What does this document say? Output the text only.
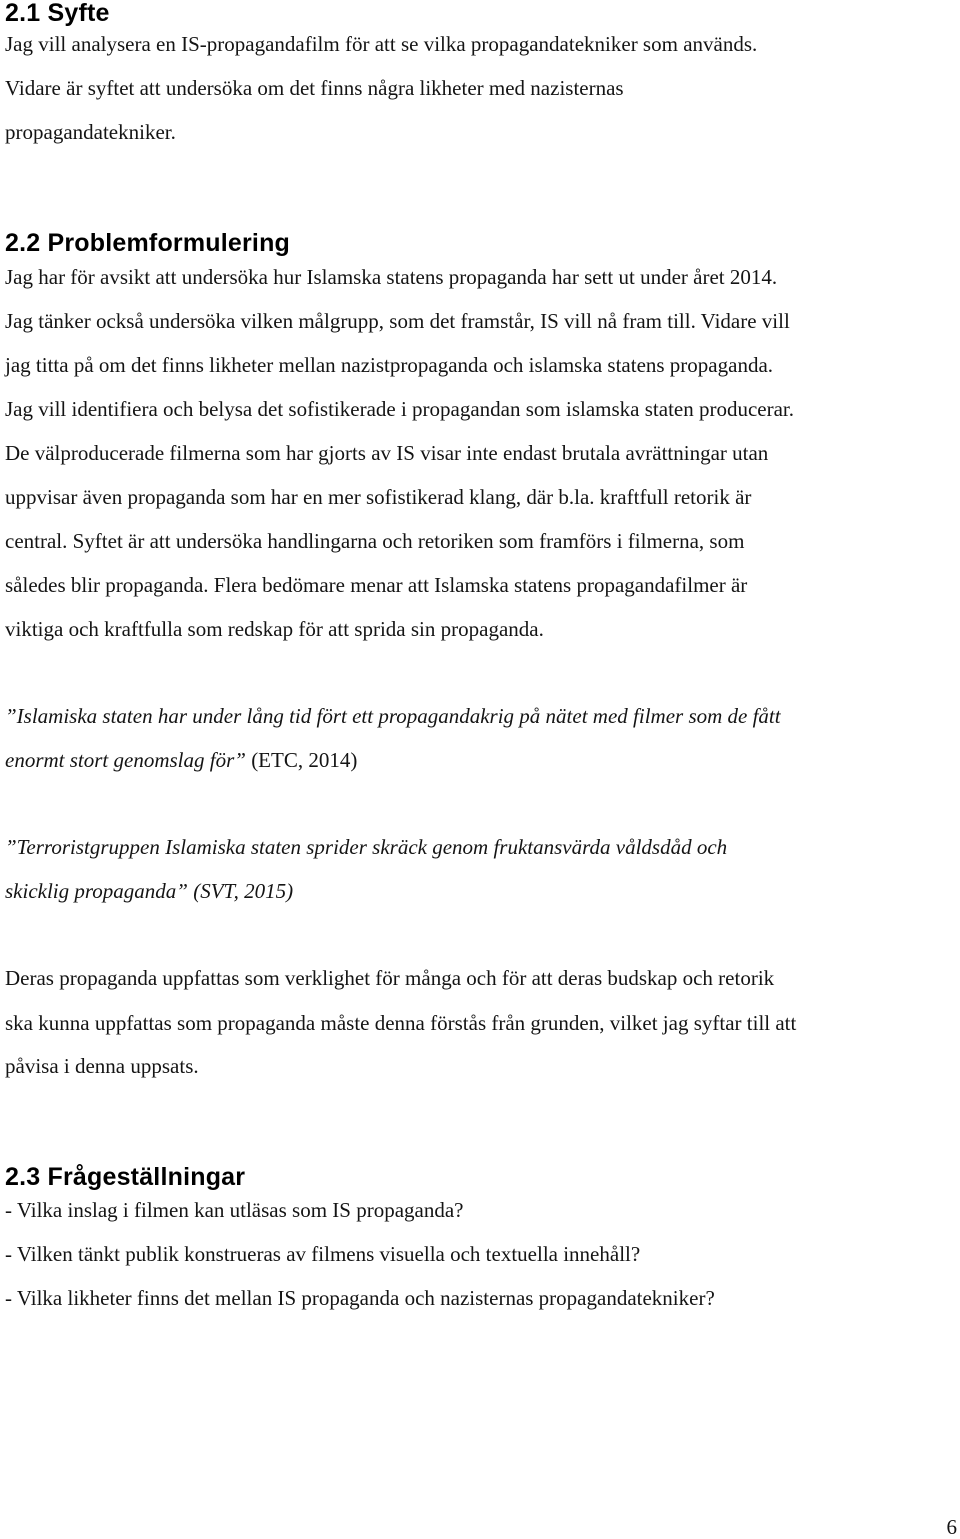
2.1 Syfte

Jag vill analysera en IS-propagandafilm för att se vilka propagandatekniker som används.

Vidare är syftet att undersöka om det finns några likheter med nazisternas

propagandatekniker.

2.2 Problemformulering

Jag har för avsikt att undersöka hur Islamska statens propaganda har sett ut under året 2014.

Jag tänker också undersöka vilken målgrupp, som det framstår, IS vill nå fram till. Vidare vill

jag titta på om det finns likheter mellan nazistpropaganda och islamska statens propaganda.

Jag vill identifiera och belysa det sofistikerade i propagandan som islamska staten producerar.

De välproducerade filmerna som har gjorts av IS visar inte endast brutala avrättningar utan

uppvisar även propaganda som har en mer sofistikerad klang, där b.la. kraftfull retorik är

central. Syftet är att undersöka handlingarna och retoriken som framförs i filmerna, som

således blir propaganda. Flera bedömare menar att Islamska statens propagandafilmer är

viktiga och kraftfulla som redskap för att sprida sin propaganda.

”Islamiska staten har under lång tid fört ett propagandakrig på nätet med filmer som de fått

enormt stort genomslag för” (ETC, 2014)

”Terroristgruppen Islamiska staten sprider skräck genom fruktansvärda våldsdåd och

skicklig propaganda” (SVT, 2015)

Deras propaganda uppfattas som verklighet för många och för att deras budskap och retorik

ska kunna uppfattas som propaganda måste denna förstås från grunden, vilket jag syftar till att

påvisa i denna uppsats.

2.3 Frågeställningar

- Vilka inslag i filmen kan utläsas som IS propaganda?

- Vilken tänkt publik konstrueras av filmens visuella och textuella innehåll?

- Vilka likheter finns det mellan IS propaganda och nazisternas propagandatekniker?

6
